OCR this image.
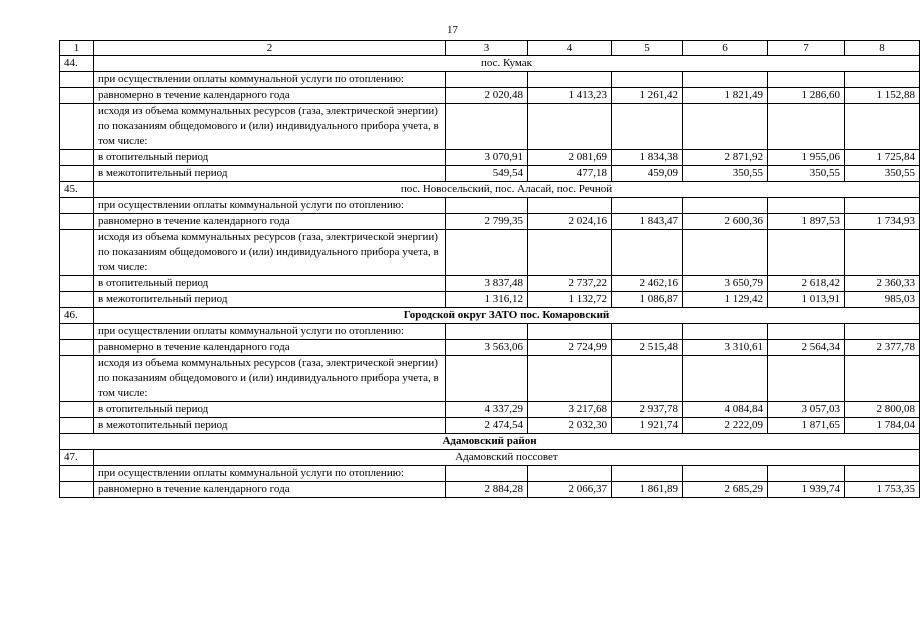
17
1	2	3	4	5	6	7	8
44.	пос. Кумак						
	при осуществлении оплаты коммунальной услуги по отоплению:						
	равномерно в течение календарного года	2 020,48	1 413,23	1 261,42	1 821,49	1 286,60	1 152,88
	исходя из объема коммунальных ресурсов (газа, электрической энергии) по показаниям общедомового и (или) индивидуального прибора учета, в том числе:						
	в отопительный период	3 070,91	2 081,69	1 834,38	2 871,92	1 955,06	1 725,84
	в межотопительный период	549,54	477,18	459,09	350,55	350,55	350,55
45.	пос. Новосельский, пос. Аласай, пос. Речной						
	при осуществлении оплаты коммунальной услуги по отоплению:						
	равномерно в течение календарного года	2 799,35	2 024,16	1 843,47	2 600,36	1 897,53	1 734,93
	исходя из объема коммунальных ресурсов (газа, электрической энергии) по показаниям общедомового и (или) индивидуального прибора учета, в том числе:						
	в отопительный период	3 837,48	2 737,22	2 462,16	3 650,79	2 618,42	2 360,33
	в межотопительный период	1 316,12	1 132,72	1 086,87	1 129,42	1 013,91	985,03
46.	Городской округ ЗАТО пос. Комаровский						
	при осуществлении оплаты коммунальной услуги по отоплению:						
	равномерно в течение календарного года	3 563,06	2 724,99	2 515,48	3 310,61	2 564,34	2 377,78
	исходя из объема коммунальных ресурсов (газа, электрической энергии) по показаниям общедомового и (или) индивидуального прибора учета, в том числе:						
	в отопительный период	4 337,29	3 217,68	2 937,78	4 084,84	3 057,03	2 800,08
	в межотопительный период	2 474,54	2 032,30	1 921,74	2 222,09	1 871,65	1 784,04
Адамовский район							
47.	Адамовский поссовет						
	при осуществлении оплаты коммунальной услуги по отоплению:						
	равномерно в течение календарного года	2 884,28	2 066,37	1 861,89	2 685,29	1 939,74	1 753,35
